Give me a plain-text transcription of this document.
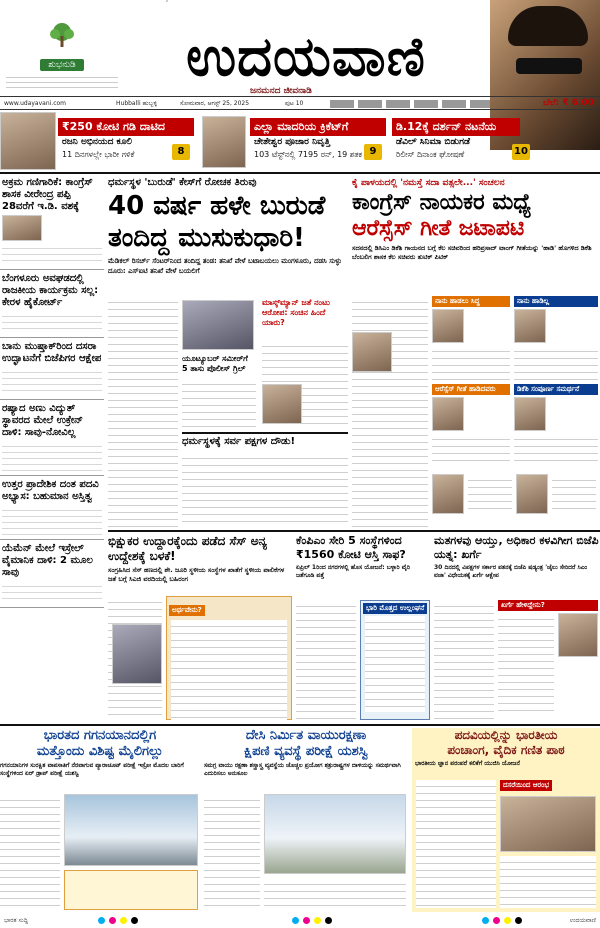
ಶುಭನುಡಿ	ಉದಯವಾಣಿ
ಜನಮನದ ಜೀವನಾಡಿ
www.udayavani.com	Hubballi ಹುಬ್ಬಳ್ಳಿ	ಸೋಮವಾರ, ಆಗಸ್ಟ್ 25, 2025	ಪುಟ 10	ಬೆಲೆ: ₹ 6.00
₹250 ಕೋಟಿ ಗಡಿ ದಾಟಿದ
ರಜನಿ ಅಭಿನಯದ ಕೂಲಿ
11 ದಿನಗಳಲ್ಲೇ ಭಾರೀ ಗಳಿಕೆ	8
ಎಲ್ಲಾ ಮಾದರಿಯ ಕ್ರಿಕೆಟ್‌ಗೆ
ಚೇತೇಶ್ವರ ಪೂಜಾರ ನಿವೃತ್ತಿ
103 ಟೆಸ್ಟ್‌ನಲ್ಲಿ 7195 ರನ್‌, 19 ಶತಕ 9
ಡಿ.12ಕ್ಕೆ ದರ್ಶನ್ ನಟನೆಯ
ಡೆವಿಲ್ ಸಿನಿಮಾ ಬಿಡುಗಡೆ
ರಿಲೀಸ್ ದಿನಾಂಕ ಘೋಷಣೆ	10
ಅಕ್ರಮ ಗಣಿಗಾರಿಕೆ: ಕಾಂಗ್ರೆಸ್ ಶಾಸಕ ವೀರೇಂದ್ರ ಪಪ್ಪಿ 28ವರೆಗೆ ಇ.ಡಿ. ವಶಕ್ಕೆ
ಬೆಂಗಳೂರು ಅವಘಡದಲ್ಲಿ ರಾಜಕೀಯ ಕಾರ್ಯಕ್ರಮ ಸಲ್ಲ: ಕೇರಳ ಹೈಕೋರ್ಟ್
ಬಾನು ಮುಷ್ತಾಕ್‌ರಿಂದ ದಸರಾ ಉದ್ಘಾಟನೆಗೆ ಬಿಜೆಪಿಗರ ಆಕ್ಷೇಪ
ರಷ್ಯಾದ ಅಣು ವಿದ್ಯುತ್ ಸ್ಥಾವರದ ಮೇಲೆ ಉಕ್ರೇನ್ ದಾಳಿ: ಸಾವು-ನೋವಿಲ್ಲ
ಉತ್ತರ ಪ್ರಾದೇಶಿಕ ದಂತ ಪದವಿ ಅಭ್ಯಾಸ: ಬಹುಮಾನ ಅಸ್ತಿತ್ವ
ಯೆಮೆನ್ ಮೇಲೆ ಇಸ್ರೇಲ್ ವೈಮಾನಿಕ ದಾಳಿ: 2 ಮೂಲ ಸಾವು
ಧರ್ಮಸ್ಥಳ 'ಬುರುಡೆ' ಕೇಸ್‌ಗೆ ರೋಚಕ ತಿರುವು
40 ವರ್ಷ ಹಳೇ ಬುರುಡೆ
ತಂದಿದ್ದ ಮುಸುಕುಧಾರಿ!
ಮೆಡಿಕಲ್ ರಿಸರ್ಚ್ ಸೆಂಟರ್‌ನಿಂದ ತಂದಿದ್ದ ತಂಡ: ತನಿಖೆ ವೇಳೆ ಬಟಾಬಯಲು ಮಂಗಳೂರು, ದಡಸಿ ಸುಳ್ಳು ದೂರು: ಎಸ್‌ಐಟಿ ತನಿಖೆ ವೇಳೆ ಬಯಲಿಗೆ
ಯೂಟ್ಯೂಬರ್ ಸಮೀರ್‌ಗೆ 5 ತಾಸು ಪೊಲೀಸ್ ಗ್ರಿಲ್
ಮಾಸ್ಕ್‌ಮ್ಯಾನ್ ಜತೆ ನಂಟು ಆರೋಪ: ಸಂಚಿನ ಹಿಂದೆ ಯಾರು?
ಧರ್ಮಸ್ಥಳಕ್ಕೆ ಸರ್ವ ಪಕ್ಷಗಳ ದೌಡು!
ಕೈ ಪಾಳಯದಲ್ಲಿ 'ನಮಸ್ತೆ ಸದಾ ವತ್ಸಲೇ...' ಸಂಚಲನ
ಕಾಂಗ್ರೆಸ್ ನಾಯಕರ ಮಧ್ಯೆ
ಆರೆಸ್ಸೆಸ್ ಗೀತೆ ಜಟಾಪಟಿ
ಸದನದಲ್ಲಿ ಡಿಸಿಎಂ ಡಿಕೆಶಿ ಗಾಯನದ ಬಗ್ಗೆ ಕೆಲ ಸಚಿವರಿಂದ ಹರಿಪ್ರಸಾದ್ ಟಾಂಗ್ ಗೀತೆಯನ್ನು 'ಹಾಡಿ' ಹೊಗಳಿದ ಡಿಕೆಶಿ ಬೆಂಬಲಿಗ ಶಾಸಕ ಕೆಲ ಸಚಿವರು ತುಟಿಕ್ ಪಿಟಿಕ್
ನಾನು ಹಾಡಲು ಸಿದ್ಧ	ನಾನು ಹಾಡಿಲ್ಲ
ಆರೆಸ್ಸೆಸ್ ಗೀತೆ ಹಾಡಿದವರು	ಡಿಕೆಶಿ ಸಂಪೂರ್ಣ ಸಮರ್ಥನೆ
ಭಿಕ್ಷುಕರ ಉದ್ದಾರಕ್ಕೆಂದು ಪಡೆದ ಸೆಸ್ ಅನ್ಯ ಉದ್ದೇಶಕ್ಕೆ ಬಳಕೆ!
ಸಂಗ್ರಹಿಸಿದ ಸೆಸ್ ಹಣದಲ್ಲಿ ಶೇ. ಜೂರಿ ಸ್ಥಳೀಯ ಸಂಸ್ಥೆಗಳ ಖಾತೆಗೆ ಸ್ಥಳೀಯ ಪಾಲಿಕೆಗಳ ಜತೆ ಬಗ್ಗೆ ಸಿಎಜಿ ವರದಿಯಲ್ಲಿ ಬಹಿರಂಗ
ಅರ್ಥವೇನು?
ಕೆಂಪಿಎಂ ಸೇರಿ 5 ಸಂಸ್ಥೆಗಳಿಂದ ₹1560 ಕೋಟಿ ಆಸ್ತಿ ಸಾಫ?
ಏಪ್ರಿಲ್ 1ರಿಂದ ನಗರಗಳಲ್ಲಿ ಹೊಸ ಯೋಜನೆ: ಬಳ್ಳಾರಿ ವೈರಿ ಜತೆಗೂಡಿ ಪತ್ತೆ
ಭಾರಿ ಮೊತ್ತದ ಉಲ್ಲಂಘನೆ
ಮತಗಳವು ಆಯ್ತು, ಅಧಿಕಾರ ಕಳವಿಗೀಗ ಬಿಜೆಪಿ ಯತ್ನ: ಖರ್ಗೆ
30 ದಿನದಲ್ಲಿ ವಿಪಕ್ಷಗಳ ಸರ್ಕಾರ ಪತನಕ್ಕೆ ಬಿಜೆಪಿ ಷಡ್ಯಂತ್ರ 'ಜೈಲು ಸೇರಿದರೆ ಸಿಎಂ ವಜಾ' ವಿಧೇಯಕಕ್ಕೆ ಖರ್ಗೆ ಆಕ್ಷೇಪ
ಖರ್ಗೆ ಹೇಳಿದ್ದೇನು?
ಭಾರತದ ಗಗನಯಾನದಲ್ಲಿಗ
ಮತ್ತೊಂದು ವಿಶಿಷ್ಟ ಮೈಲಿಗಲ್ಲು
ಗಗನಯಾನಿಗಳ ಸುರಕ್ಷಿತ ವಾಪಸಾತಿಗೆ ನೆರವಾಗುವ ಪ್ಯಾರಾಚೂಟ್ ಪರೀಕ್ಷೆ ಇಸ್ರೋ ಮೊದಲ ಬಾರಿಗೆ ಸಂಸ್ಥೆಗಳಿಂದ ಏರ್ ಡ್ರಾಪ್ ಪರೀಕ್ಷೆ ಯಶಸ್ವಿ
ದೇಸಿ ನಿರ್ಮಿತ ವಾಯುರಕ್ಷಣಾ
ಕ್ಷಿಪಣಿ ವ್ಯವಸ್ಥೆ ಪರೀಕ್ಷೆ ಯಶಸ್ವಿ
ಸಮಗ್ರ ವಾಯು ರಕ್ಷಣಾ ಶಸ್ತ್ರಾಸ್ತ್ರ ವ್ಯವಸ್ಥೆಯ ಚೊಚ್ಚಲ ಪ್ರಯೋಗ ಶತ್ರುರಾಷ್ಟ್ರಗಳ ದಾಳಿಯನ್ನು ಸಮರ್ಥವಾಗಿ ಎದುರಿಸಲು ಅನುಕೂಲ
ಪದವಿಯಲ್ಲಿನ್ನು ಭಾರತೀಯ
ಪಂಚಾಂಗ, ವೈದಿಕ ಗಣಿತ ಪಾಠ
ಭಾರತೀಯ ಜ್ಞಾನ ಪರಂಪರೆ ಕಲಿಕೆಗೆ ಯುಜಿಸಿ ಯೋಜನೆ
ದಸರೆಯಿಂದ ಆರಂಭ
ಭಾರತ ಸುದ್ದಿ	ಉದಯವಾಣಿ
